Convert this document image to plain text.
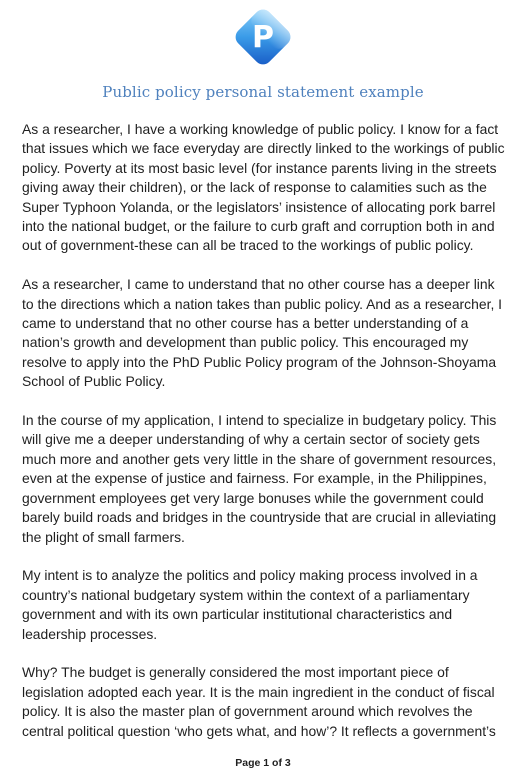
P
Public policy personal statement example

As a researcher, I have a working knowledge of public policy. I know for a fact that issues which we face everyday are directly linked to the workings of public policy. Poverty at its most basic level (for instance parents living in the streets giving away their children), or the lack of response to calamities such as the Super Typhoon Yolanda, or the legislators’ insistence of allocating pork barrel into the national budget, or the failure to curb graft and corruption both in and out of government-these can all be traced to the workings of public policy.

As a researcher, I came to understand that no other course has a deeper link to the directions which a nation takes than public policy. And as a researcher, I came to understand that no other course has a better understanding of a nation’s growth and development than public policy. This encouraged my resolve to apply into the PhD Public Policy program of the Johnson-Shoyama School of Public Policy.

In the course of my application, I intend to specialize in budgetary policy. This will give me a deeper understanding of why a certain sector of society gets much more and another gets very little in the share of government resources, even at the expense of justice and fairness. For example, in the Philippines, government employees get very large bonuses while the government could barely build roads and bridges in the countryside that are crucial in alleviating the plight of small farmers.

My intent is to analyze the politics and policy making process involved in a country’s national budgetary system within the context of a parliamentary government and with its own particular institutional characteristics and leadership processes.

Why? The budget is generally considered the most important piece of legislation adopted each year. It is the main ingredient in the conduct of fiscal policy. It is also the master plan of government around which revolves the central political question ‘who gets what, and how’? It reflects a government’s

Page 1 of 3
